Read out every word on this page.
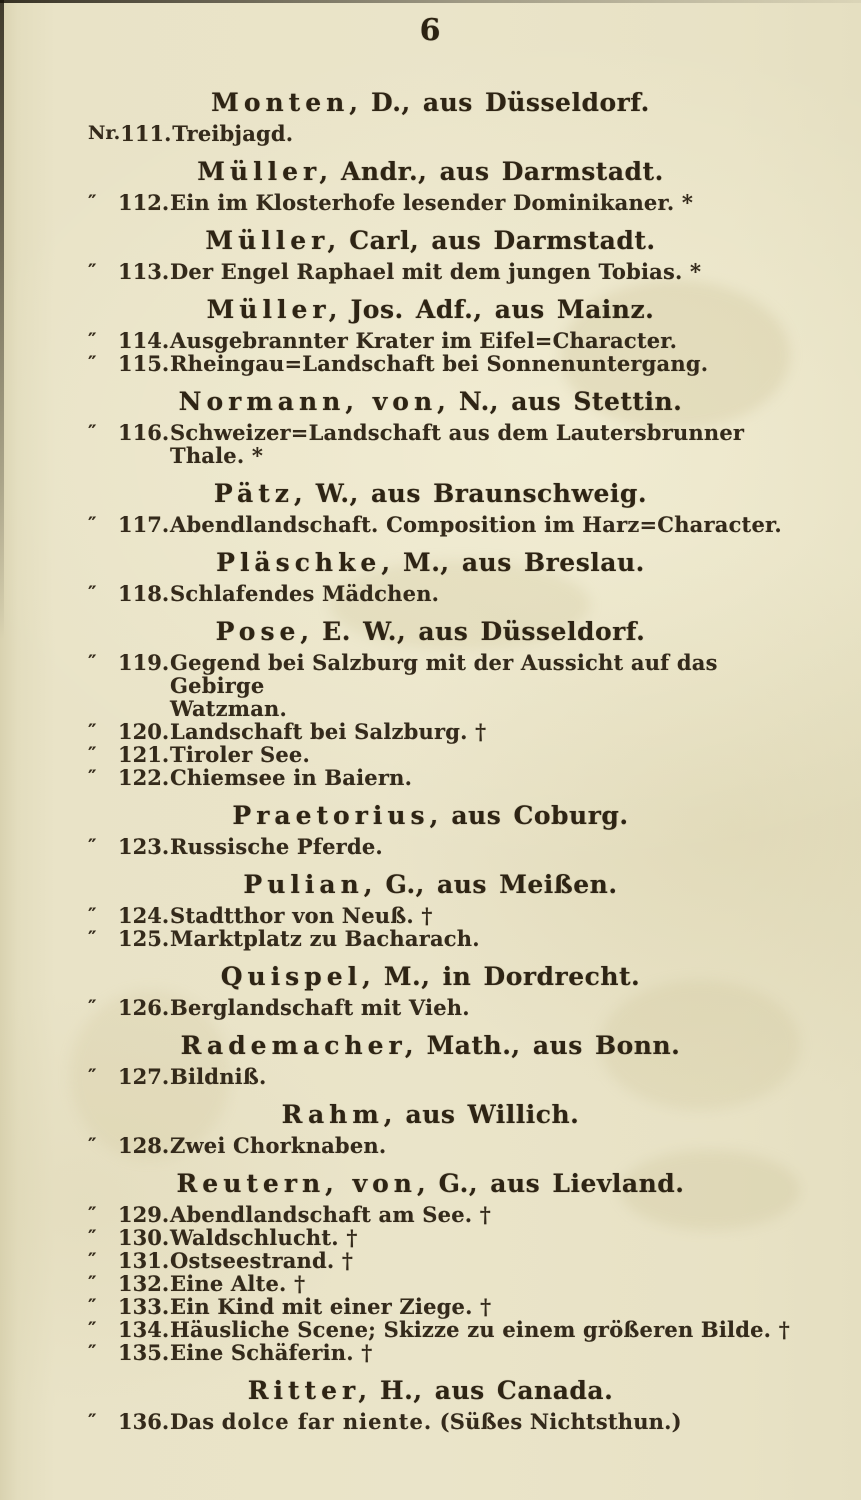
6
Monten, D., aus Düsseldorf.
Nr. 111. Treibjagd.
Müller, Andr., aus Darmstadt.
″	112. Ein im Klosterhofe lesender Dominikaner. *
Müller, Carl, aus Darmstadt.
″	113. Der Engel Raphael mit dem jungen Tobias. *
Müller, Jos. Adf., aus Mainz.
″	114. Ausgebrannter Krater im Eifel=Character.
″	115. Rheingau=Landschaft bei Sonnenuntergang.
Normann, von, N., aus Stettin.
″	116. Schweizer=Landschaft aus dem Lautersbrunner Thale. *
Pätz, W., aus Braunschweig.
″	117. Abendlandschaft. Composition im Harz=Character.
Pläschke, M., aus Breslau.
″	118. Schlafendes Mädchen.
Pose, E. W., aus Düsseldorf.
″	119. Gegend bei Salzburg mit der Aussicht auf das Gebirge
Watzman.
″	120. Landschaft bei Salzburg. †
″	121. Tiroler See.
″	122. Chiemsee in Baiern.
Praetorius, aus Coburg.
″	123. Russische Pferde.
Pulian, G., aus Meißen.
″	124. Stadtthor von Neuß. †
″	125. Marktplatz zu Bacharach.
Quispel, M., in Dordrecht.
″	126. Berglandschaft mit Vieh.
Rademacher, Math., aus Bonn.
″	127. Bildniß.
Rahm, aus Willich.
″	128. Zwei Chorknaben.
Reutern, von, G., aus Lievland.
″	129. Abendlandschaft am See. †
″	130. Waldschlucht. †
″	131. Ostseestrand. †
″	132. Eine Alte. †
″	133. Ein Kind mit einer Ziege. †
″	134. Häusliche Scene; Skizze zu einem größeren Bilde. †
″	135. Eine Schäferin. †
Ritter, H., aus Canada.
″	136. Das dolce far niente. (Süßes Nichtsthun.)
